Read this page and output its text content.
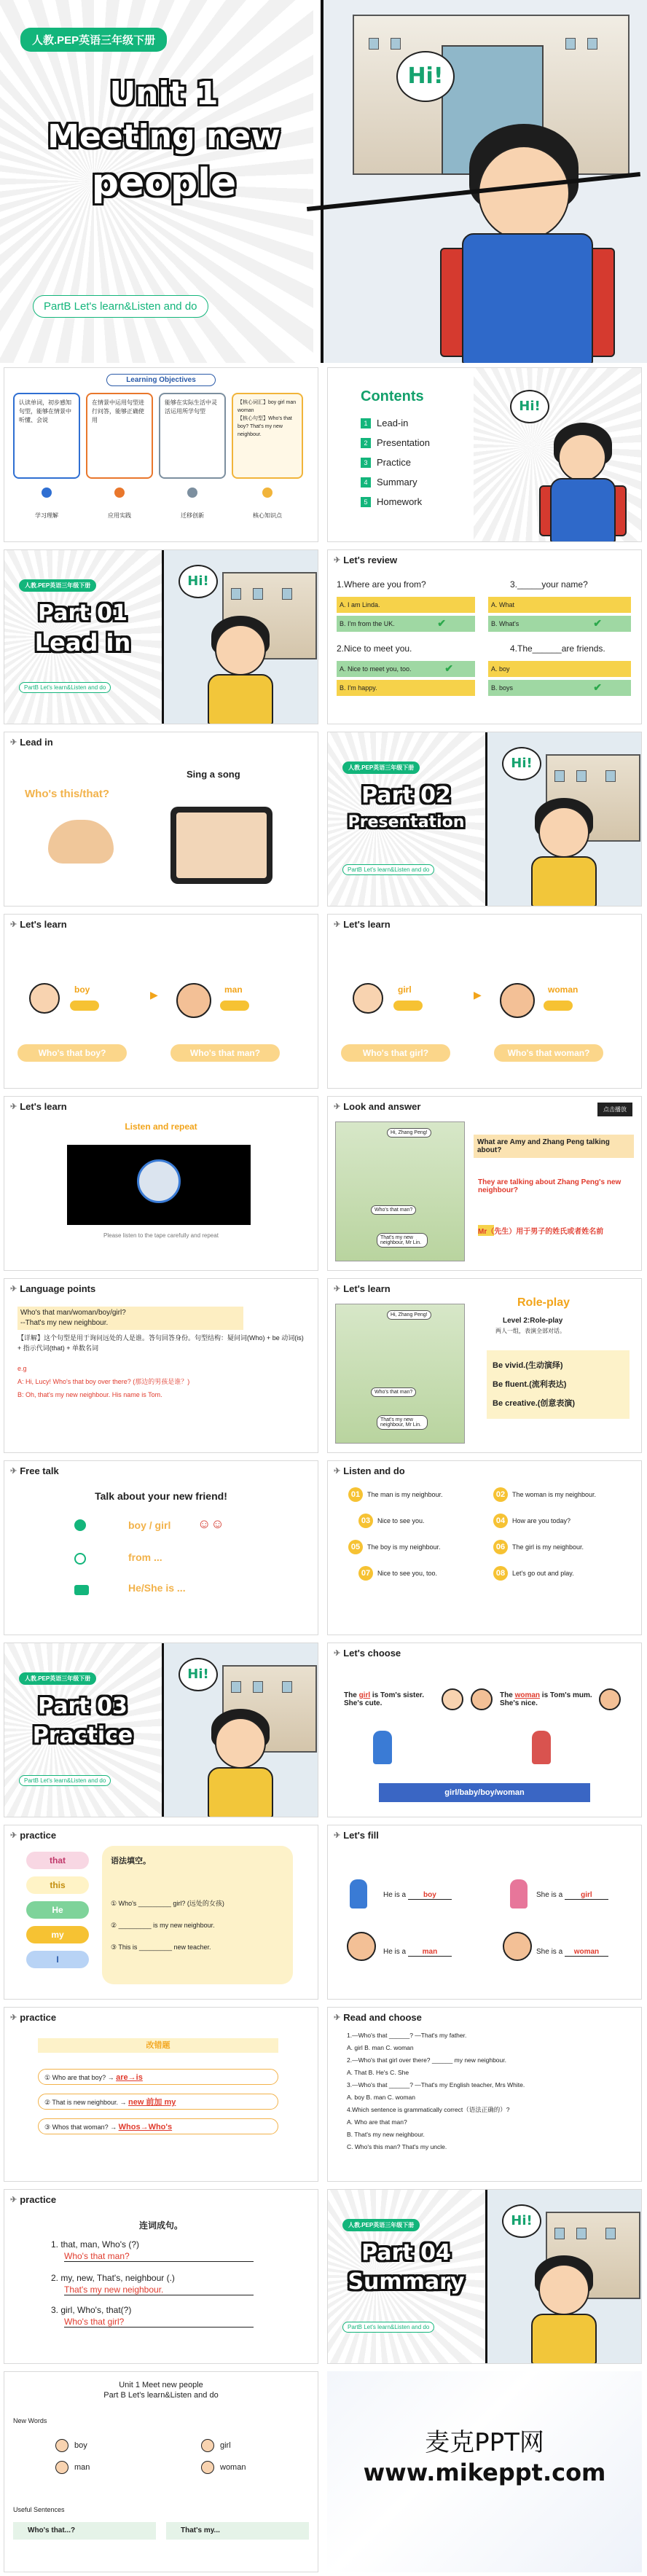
Hi!
人教.PEP英语三年级下册
Unit 1
Meeting new
people
PartB Let's learn&Listen and do
Learning Objectives
认读单词，初步感知句型，能够在情景中听懂、会说
在情景中运用句型进行问答，能够正确使用
能够在实际生活中灵活运用所学句型
【核心词汇】boy girl man woman
【核心句型】Who's that boy? That's my new neighbour.
学习理解	应用实践	迁移创新	核心知识点
Contents
1 Lead-in
2 Presentation
3 Practice
4 Summary
5 Homework
Hi!
人教.PEP英语三年级下册
Part 01
Lead in
PartB Let's learn&Listen and do
Hi!
✈ Let's review
1.Where are you from?	3._____your name?
A. I am Linda.
B. I'm from the UK.	✔
A. What
B. What's	✔
2.Nice to meet you.	4.The______are friends.
A. Nice to meet you, too.	✔
B. I'm happy.
A. boy
B. boys	✔
✈ Lead in
Who's this/that?
Sing a song
人教.PEP英语三年级下册
Part 02
Presentation
PartB Let's learn&Listen and do
Hi!
✈ Let's learn
boy	▶	man
Who's that boy?	Who's that man?
✈ Let's learn
girl	▶	woman
Who's that girl?	Who's that woman?
✈ Let's learn
Listen and repeat
Please listen to the tape carefully and repeat
✈ Look and answer	点击播放
Hi, Zhang Peng!
Who's that man?
That's my new neighbour, Mr Lin.
What are Amy and Zhang Peng talking about?
They are talking about Zhang Peng's new neighbour?
Mr（先生）用于男子的姓氏或者姓名前
✈ Language points
Who's that man/woman/boy/girl?
--That's my new neighbour.
【详解】这个句型是用于询问远处的人是谁。答句回答身份。句型结构：疑问词(Who) + be 动词(is) + 指示代词(that) + 单数名词
e.g
A: Hi, Lucy! Who's that boy over there? (那边的男孩是谁？)
B: Oh, that's my new neighbour. His name is Tom.
✈ Let's learn
Hi, Zhang Peng!
Who's that man?
That's my new neighbour, Mr Lin.
Role-play
Level 2:Role-play
两人一组，表演全部对话。
Be vivid.(生动演绎)
Be fluent.(流利表达)
Be creative.(创意表演)
✈ Free talk
Talk about your new friend!
boy / girl ☺☺
from ...
He/She is ...
✈ Listen and do
01	The man is my neighbour.	02	The woman is my neighbour.
03	Nice to see you.	04	How are you today?
05	The boy is my neighbour.	06	The girl is my neighbour.
07	Nice to see you, too.	08	Let's go out and play.
人教.PEP英语三年级下册
Part 03
Practice
PartB Let's learn&Listen and do
Hi!
✈ Let's choose
The girl is Tom's sister. She's cute.
The woman is Tom's mum. She's nice.
girl/baby/boy/woman
✈ practice
that
this
He
my
I
语法填空。
① Who's _________ girl? (远处的女孩)
② _________ is my new neighbour.
③ This is _________ new teacher.
✈ Let's fill
He is a boy	She is a	girl
He is a man	She is a woman
✈ practice
改错题
① Who are that boy? → are→is
② That is new neighbour. → new 前加 my
③ Whos that woman? → Whos→Who's
✈ Read and choose
1.—Who's that ______? —That's my father.
A. girl B. man C. woman
2.—Who's that girl over there? ______ my new neighbour.
A. That B. He's C. She
3.—Who's that ______? —That's my English teacher, Mrs White.
A. boy B. man C. woman
4.Which sentence is grammatically correct（语法正确的）?
A. Who are that man?
B. That's my new neighbour.
C. Who's this man? That's my uncle.
✈ practice
连词成句。
1. that, man, Who's (?)
Who's that man?
2. my, new, That's, neighbour (.)
That's my new neighbour.
3. girl, Who's, that(?)
Who's that girl?
人教.PEP英语三年级下册
Part 04
Summary
PartB Let's learn&Listen and do
Hi!
Unit 1 Meet new people
Part B Let's learn&Listen and do
New Words
boy	girl
man	woman
Useful Sentences
Who's that...?	That's my...
麦克PPT网
www.mikeppt.com
